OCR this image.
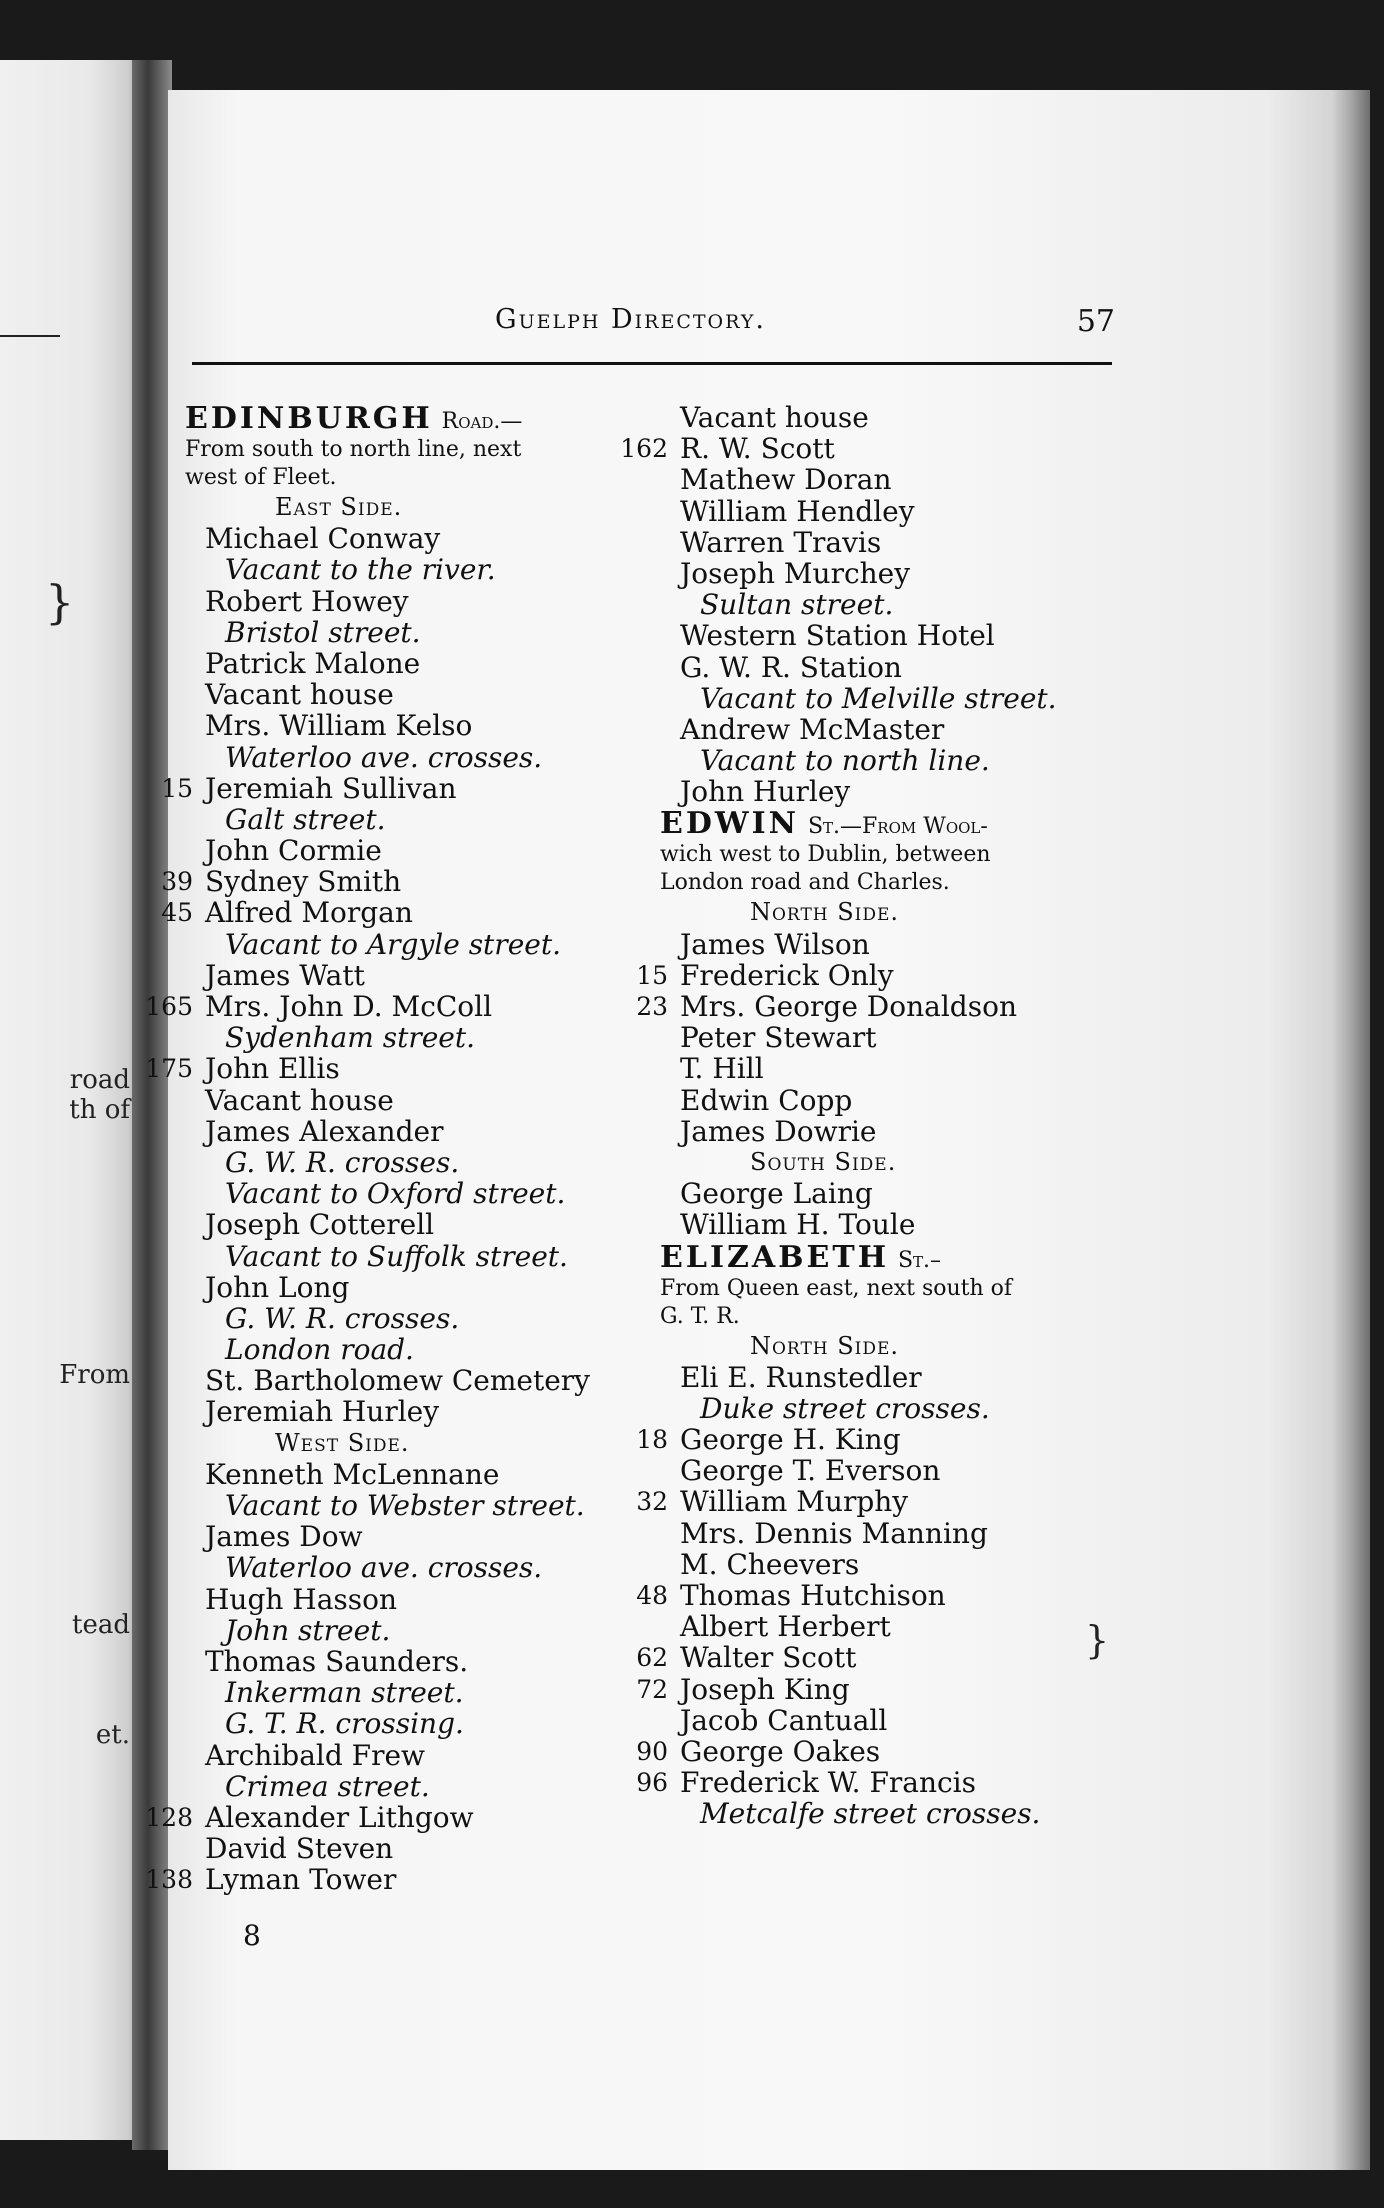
road
th of
From
tead
et.
Guelph Directory.	57
EDINBURGH Road.—
From south to north line, next
west of Fleet.
East Side.
Michael Conway
Vacant to the river.
Robert Howey
Bristol street.
Patrick Malone
Vacant house
Mrs. William Kelso
Waterloo ave. crosses.
15 Jeremiah Sullivan
Galt street.
John Cormie
39 Sydney Smith
45 Alfred Morgan
Vacant to Argyle street.
James Watt
165 Mrs. John D. McColl
Sydenham street.
175 John Ellis
Vacant house
James Alexander
G. W. R. crosses.
Vacant to Oxford street.
Joseph Cotterell
Vacant to Suffolk street.
John Long
G. W. R. crosses.
London road.
St. Bartholomew Cemetery
Jeremiah Hurley
West Side.
Kenneth McLennane
Vacant to Webster street.
James Dow
Waterloo ave. crosses.
Hugh Hasson
John street.
Thomas Saunders.
Inkerman street.
G. T. R. crossing.
Archibald Frew
Crimea street.
128 Alexander Lithgow
David Steven
138 Lyman Tower
Vacant house
162 R. W. Scott
Mathew Doran
William Hendley
Warren Travis
Joseph Murchey
Sultan street.
Western Station Hotel
G. W. R. Station
Vacant to Melville street.
Andrew McMaster
Vacant to north line.
John Hurley
EDWIN St.—From Wool-
wich west to Dublin, between
London road and Charles.
North Side.
James Wilson
15 Frederick Only
23 Mrs. George Donaldson
Peter Stewart
T. Hill
Edwin Copp
James Dowrie
South Side.
George Laing
William H. Toule
ELIZABETH St.–
From Queen east, next south of
G. T. R.
North Side.
Eli E. Runstedler
Duke street crosses.
18 George H. King
George T. Everson
32 William Murphy
Mrs. Dennis Manning
M. Cheevers
48 Thomas Hutchison
Albert Herbert
62 Walter Scott
72 Joseph King
Jacob Cantuall
90 George Oakes
96 Frederick W. Francis
Metcalfe street crosses.
8
}
}
